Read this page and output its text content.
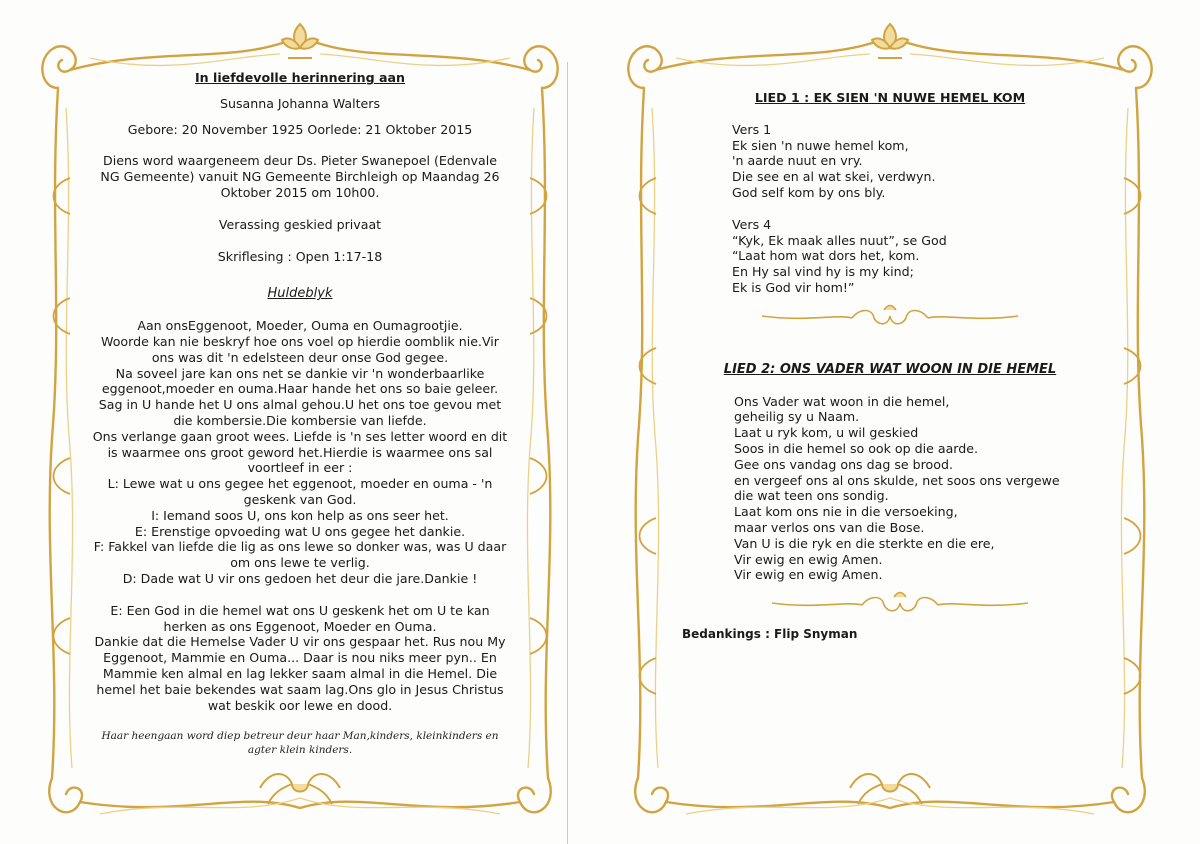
In liefdevolle herinnering aan
Susanna Johanna Walters
Gebore: 20 November 1925 Oorlede: 21 Oktober 2015
Diens word waargeneem deur Ds. Pieter Swanepoel (Edenvale NG Gemeente) vanuit NG Gemeente Birchleigh op Maandag 26 Oktober 2015 om 10h00.
Verassing geskied privaat
Skriflesing : Open 1:17-18
Huldeblyk
Aan onsEggenoot, Moeder, Ouma en Oumagrootjie.
Woorde kan nie beskryf hoe ons voel op hierdie oomblik nie.Vir ons was dit 'n edelsteen deur onse God gegee.
Na soveel jare kan ons net se dankie vir 'n wonderbaarlike eggenoot,moeder en ouma.Haar hande het ons so baie geleer.
Sag in U hande het U ons almal gehou.U het ons toe gevou met die kombersie.Die kombersie van liefde.
Ons verlange gaan groot wees. Liefde is 'n ses letter woord en dit is waarmee ons groot geword het.Hierdie is waarmee ons sal voortleef in eer :
L: Lewe wat u ons gegee het eggenoot, moeder en ouma - 'n geskenk van God.
I: Iemand soos U, ons kon help as ons seer het.
E: Erenstige opvoeding wat U ons gegee het dankie.
F: Fakkel van liefde die lig as ons lewe so donker was, was U daar om ons lewe te verlig.
D: Dade wat U vir ons gedoen het deur die jare.Dankie !
E: Een God in die hemel wat ons U geskenk het om U te kan herken as ons Eggenoot, Moeder en Ouma.
Dankie dat die Hemelse Vader U vir ons gespaar het. Rus nou My Eggenoot, Mammie en Ouma... Daar is nou niks meer pyn.. En Mammie ken almal en lag lekker saam almal in die Hemel. Die hemel het baie bekendes wat saam lag.Ons glo in Jesus Christus wat beskik oor lewe en dood.
Haar heengaan word diep betreur deur haar Man,kinders, kleinkinders en agter klein kinders.
LIED 1 : EK SIEN 'N NUWE HEMEL KOM
Vers 1
Ek sien 'n nuwe hemel kom,
'n aarde nuut en vry.
Die see en al wat skei, verdwyn.
God self kom by ons bly.
Vers 4
“Kyk, Ek maak alles nuut”, se God
“Laat hom wat dors het, kom.
En Hy sal vind hy is my kind;
Ek is God vir hom!”
LIED 2: ONS VADER WAT WOON IN DIE HEMEL
Ons Vader wat woon in die hemel,
geheilig sy u Naam.
Laat u ryk kom, u wil geskied
Soos in die hemel so ook op die aarde.
Gee ons vandag ons dag se brood.
en vergeef ons al ons skulde, net soos ons vergewe
die wat teen ons sondig.
Laat kom ons nie in die versoeking,
maar verlos ons van die Bose.
Van U is die ryk en die sterkte en die ere,
Vir ewig en ewig Amen.
Vir ewig en ewig Amen.
Bedankings : Flip Snyman
